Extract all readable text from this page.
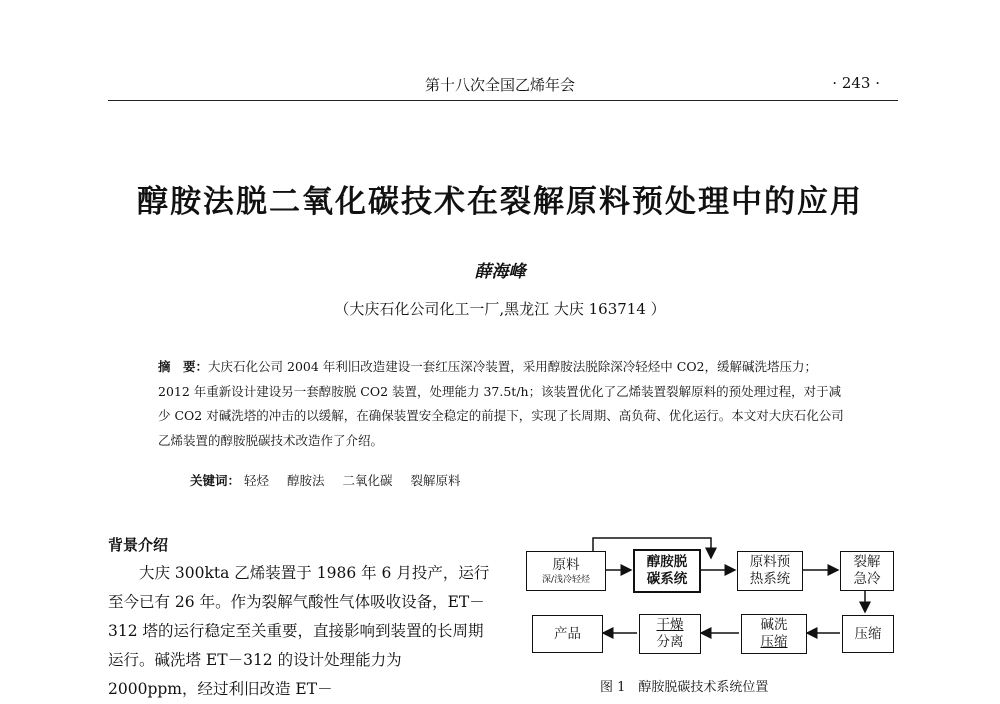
第十八次全国乙烯年会	· 243 ·
醇胺法脱二氧化碳技术在裂解原料预处理中的应用
薛海峰
（大庆石化公司化工一厂,黑龙江 大庆 163714 ）
摘　要：大庆石化公司 2004 年利旧改造建设一套红压深冷装置，采用醇胺法脱除深冷轻烃中 CO2，缓解碱洗塔压力；2012 年重新设计建设另一套醇胺脱 CO2 装置，处理能力 37.5t/h；该装置优化了乙烯装置裂解原料的预处理过程，对于减少 CO2 对碱洗塔的冲击的以缓解，在确保装置安全稳定的前提下，实现了长周期、高负荷、优化运行。本文对大庆石化公司乙烯装置的醇胺脱碳技术改造作了介绍。
关键词： 轻烃 醇胺法 二氧化碳 裂解原料
背景介绍

大庆 300kta 乙烯装置于 1986 年 6 月投产，运行至今已有 26 年。作为裂解气酸性气体吸收设备，ET－312 塔的运行稳定至关重要，直接影响到装置的长周期运行。碱洗塔 ET－312 的设计处理能力为 2000ppm，经过利旧改造 ET－

原料
深/浅冷轻烃
醇胺脱
碳系统
原料预
热系统
裂解
急冷
压缩
碱洗
压缩
干燥
分离
产品
图 1　醇胺脱碳技术系统位置
